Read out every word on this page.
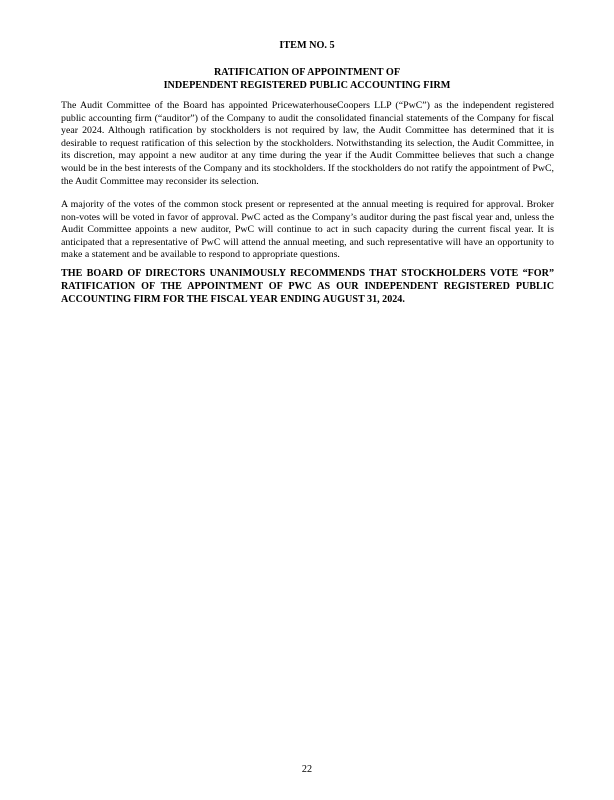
ITEM NO. 5
RATIFICATION OF APPOINTMENT OF
INDEPENDENT REGISTERED PUBLIC ACCOUNTING FIRM

The Audit Committee of the Board has appointed PricewaterhouseCoopers LLP (“PwC”) as the independent registered public accounting firm (“auditor”) of the Company to audit the consolidated financial statements of the Company for fiscal year 2024. Although ratification by stockholders is not required by law, the Audit Committee has determined that it is desirable to request ratification of this selection by the stockholders. Notwithstanding its selection, the Audit Committee, in its discretion, may appoint a new auditor at any time during the year if the Audit Committee believes that such a change would be in the best interests of the Company and its stockholders. If the stockholders do not ratify the appointment of PwC, the Audit Committee may reconsider its selection.

A majority of the votes of the common stock present or represented at the annual meeting is required for approval. Broker non-votes will be voted in favor of approval. PwC acted as the Company’s auditor during the past fiscal year and, unless the Audit Committee appoints a new auditor, PwC will continue to act in such capacity during the current fiscal year. It is anticipated that a representative of PwC will attend the annual meeting, and such representative will have an opportunity to make a statement and be available to respond to appropriate questions.

THE BOARD OF DIRECTORS UNANIMOUSLY RECOMMENDS THAT STOCKHOLDERS VOTE “FOR” RATIFICATION OF THE APPOINTMENT OF PWC AS OUR INDEPENDENT REGISTERED PUBLIC ACCOUNTING FIRM FOR THE FISCAL YEAR ENDING AUGUST 31, 2024.

22
